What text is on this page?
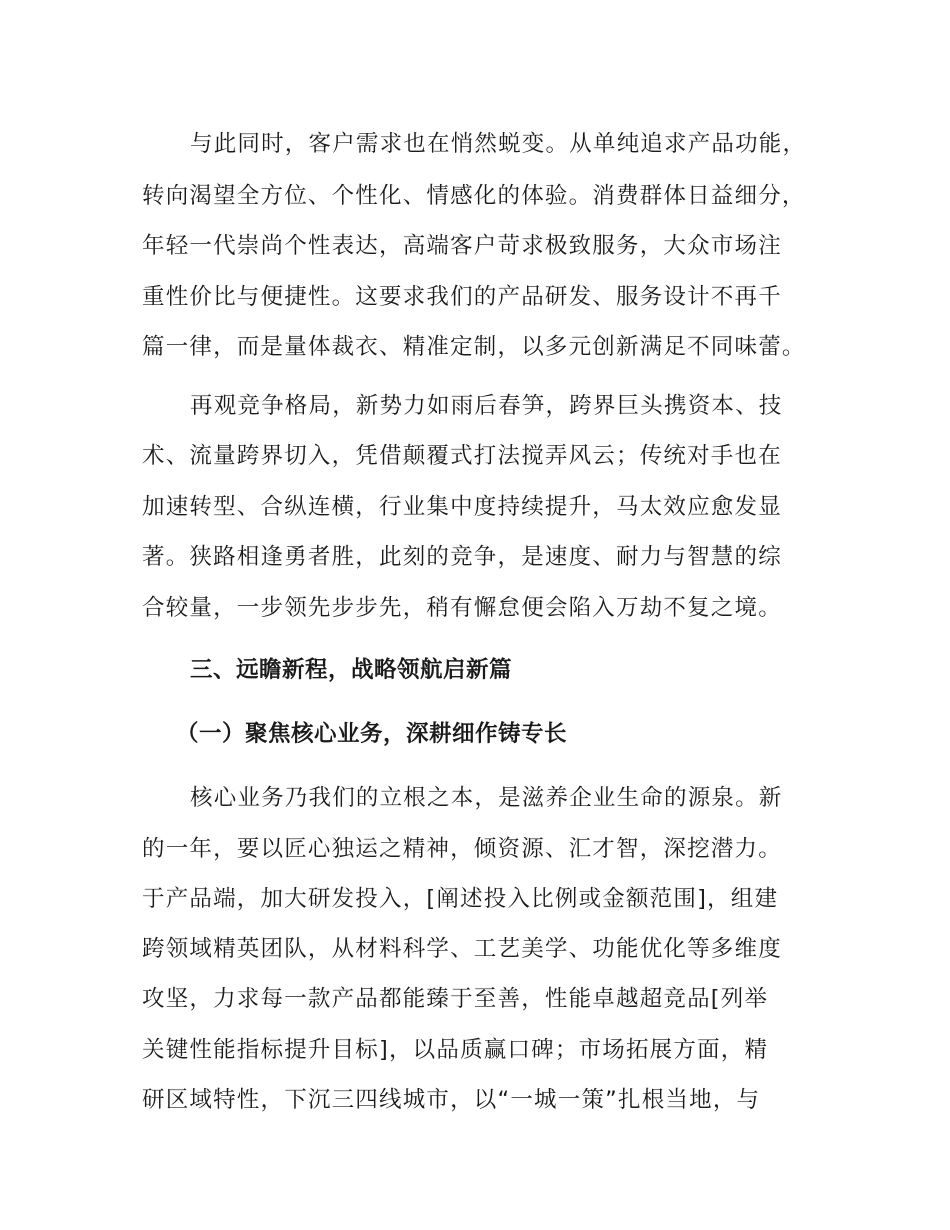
与此同时，客户需求也在悄然蜕变。从单纯追求产品功能，
转向渴望全方位、个性化、情感化的体验。消费群体日益细分，
年轻一代崇尚个性表达，高端客户苛求极致服务，大众市场注
重性价比与便捷性。这要求我们的产品研发、服务设计不再千
篇一律，而是量体裁衣、精准定制，以多元创新满足不同味蕾。
再观竞争格局，新势力如雨后春笋，跨界巨头携资本、技
术、流量跨界切入，凭借颠覆式打法搅弄风云；传统对手也在
加速转型、合纵连横，行业集中度持续提升，马太效应愈发显
著。狭路相逢勇者胜，此刻的竞争，是速度、耐力与智慧的综
合较量，一步领先步步先，稍有懈怠便会陷入万劫不复之境。
三、远瞻新程，战略领航启新篇
（一）聚焦核心业务，深耕细作铸专长
核心业务乃我们的立根之本，是滋养企业生命的源泉。新
的一年，要以匠心独运之精神，倾资源、汇才智，深挖潜力。
于产品端，加大研发投入，[阐述投入比例或金额范围]，组建
跨领域精英团队，从材料科学、工艺美学、功能优化等多维度
攻坚，力求每一款产品都能臻于至善，性能卓越超竞品[列举
关键性能指标提升目标]，以品质赢口碑；市场拓展方面，精
研区域特性，下沉三四线城市，以“一城一策”扎根当地，与
